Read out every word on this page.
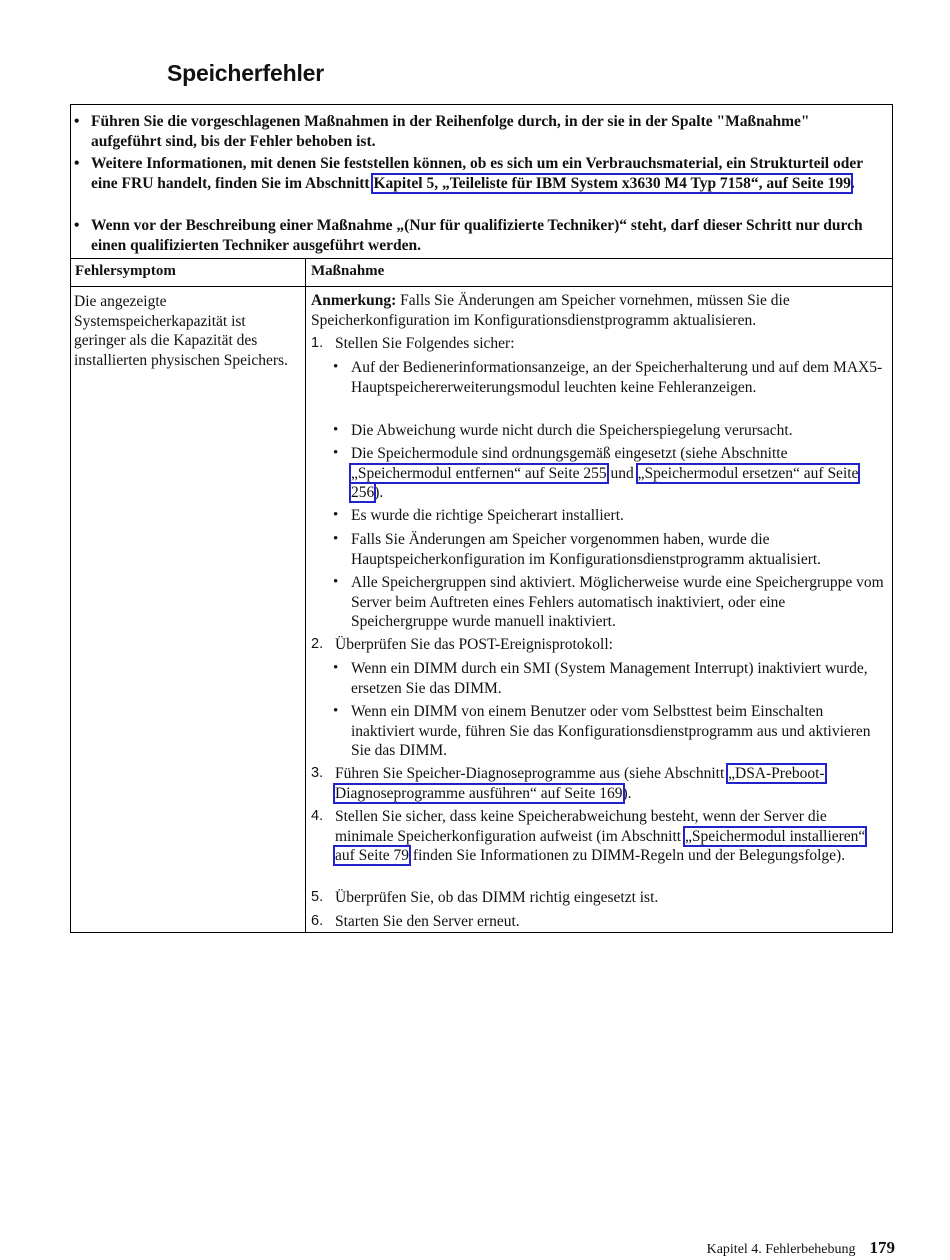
Speicherfehler
• Führen Sie die vorgeschlagenen Maßnahmen in der Reihenfolge durch, in der sie in der Spalte "Maßnahme" aufgeführt sind, bis der Fehler behoben ist.
• Weitere Informationen, mit denen Sie feststellen können, ob es sich um ein Verbrauchsmaterial, ein Strukturteil oder eine FRU handelt, finden Sie im Abschnitt Kapitel 5, „Teileliste für IBM System x3630 M4 Typ 7158“, auf Seite 199.
• Wenn vor der Beschreibung einer Maßnahme „(Nur für qualifizierte Techniker)“ steht, darf dieser Schritt nur durch einen qualifizierten Techniker ausgeführt werden.
Fehlersymptom	Maßnahme
Die angezeigte Systemspeicherkapazität ist geringer als die Kapazität des installierten physischen Speichers.
Anmerkung: Falls Sie Änderungen am Speicher vornehmen, müssen Sie die Speicherkonfiguration im Konfigurationsdienstprogramm aktualisieren.
1. Stellen Sie Folgendes sicher:
• Auf der Bedienerinformationsanzeige, an der Speicherhalterung und auf dem MAX5-Hauptspeichererweiterungsmodul leuchten keine Fehleranzeigen.
• Die Abweichung wurde nicht durch die Speicherspiegelung verursacht.
• Die Speichermodule sind ordnungsgemäß eingesetzt (siehe Abschnitte „Speichermodul entfernen“ auf Seite 255 und „Speichermodul ersetzen“ auf Seite 256).
• Es wurde die richtige Speicherart installiert.
• Falls Sie Änderungen am Speicher vorgenommen haben, wurde die Hauptspeicherkonfiguration im Konfigurationsdienstprogramm aktualisiert.
• Alle Speichergruppen sind aktiviert. Möglicherweise wurde eine Speichergruppe vom Server beim Auftreten eines Fehlers automatisch inaktiviert, oder eine Speichergruppe wurde manuell inaktiviert.
2. Überprüfen Sie das POST-Ereignisprotokoll:
• Wenn ein DIMM durch ein SMI (System Management Interrupt) inaktiviert wurde, ersetzen Sie das DIMM.
• Wenn ein DIMM von einem Benutzer oder vom Selbsttest beim Einschalten inaktiviert wurde, führen Sie das Konfigurationsdienstprogramm aus und aktivieren Sie das DIMM.
3. Führen Sie Speicher-Diagnoseprogramme aus (siehe Abschnitt „DSA-Preboot-Diagnoseprogramme ausführen“ auf Seite 169).
4. Stellen Sie sicher, dass keine Speicherabweichung besteht, wenn der Server die minimale Speicherkonfiguration aufweist (im Abschnitt „Speichermodul installieren“ auf Seite 79 finden Sie Informationen zu DIMM-Regeln und der Belegungsfolge).
5. Überprüfen Sie, ob das DIMM richtig eingesetzt ist.
6. Starten Sie den Server erneut.
Kapitel 4. Fehlerbehebung 179
